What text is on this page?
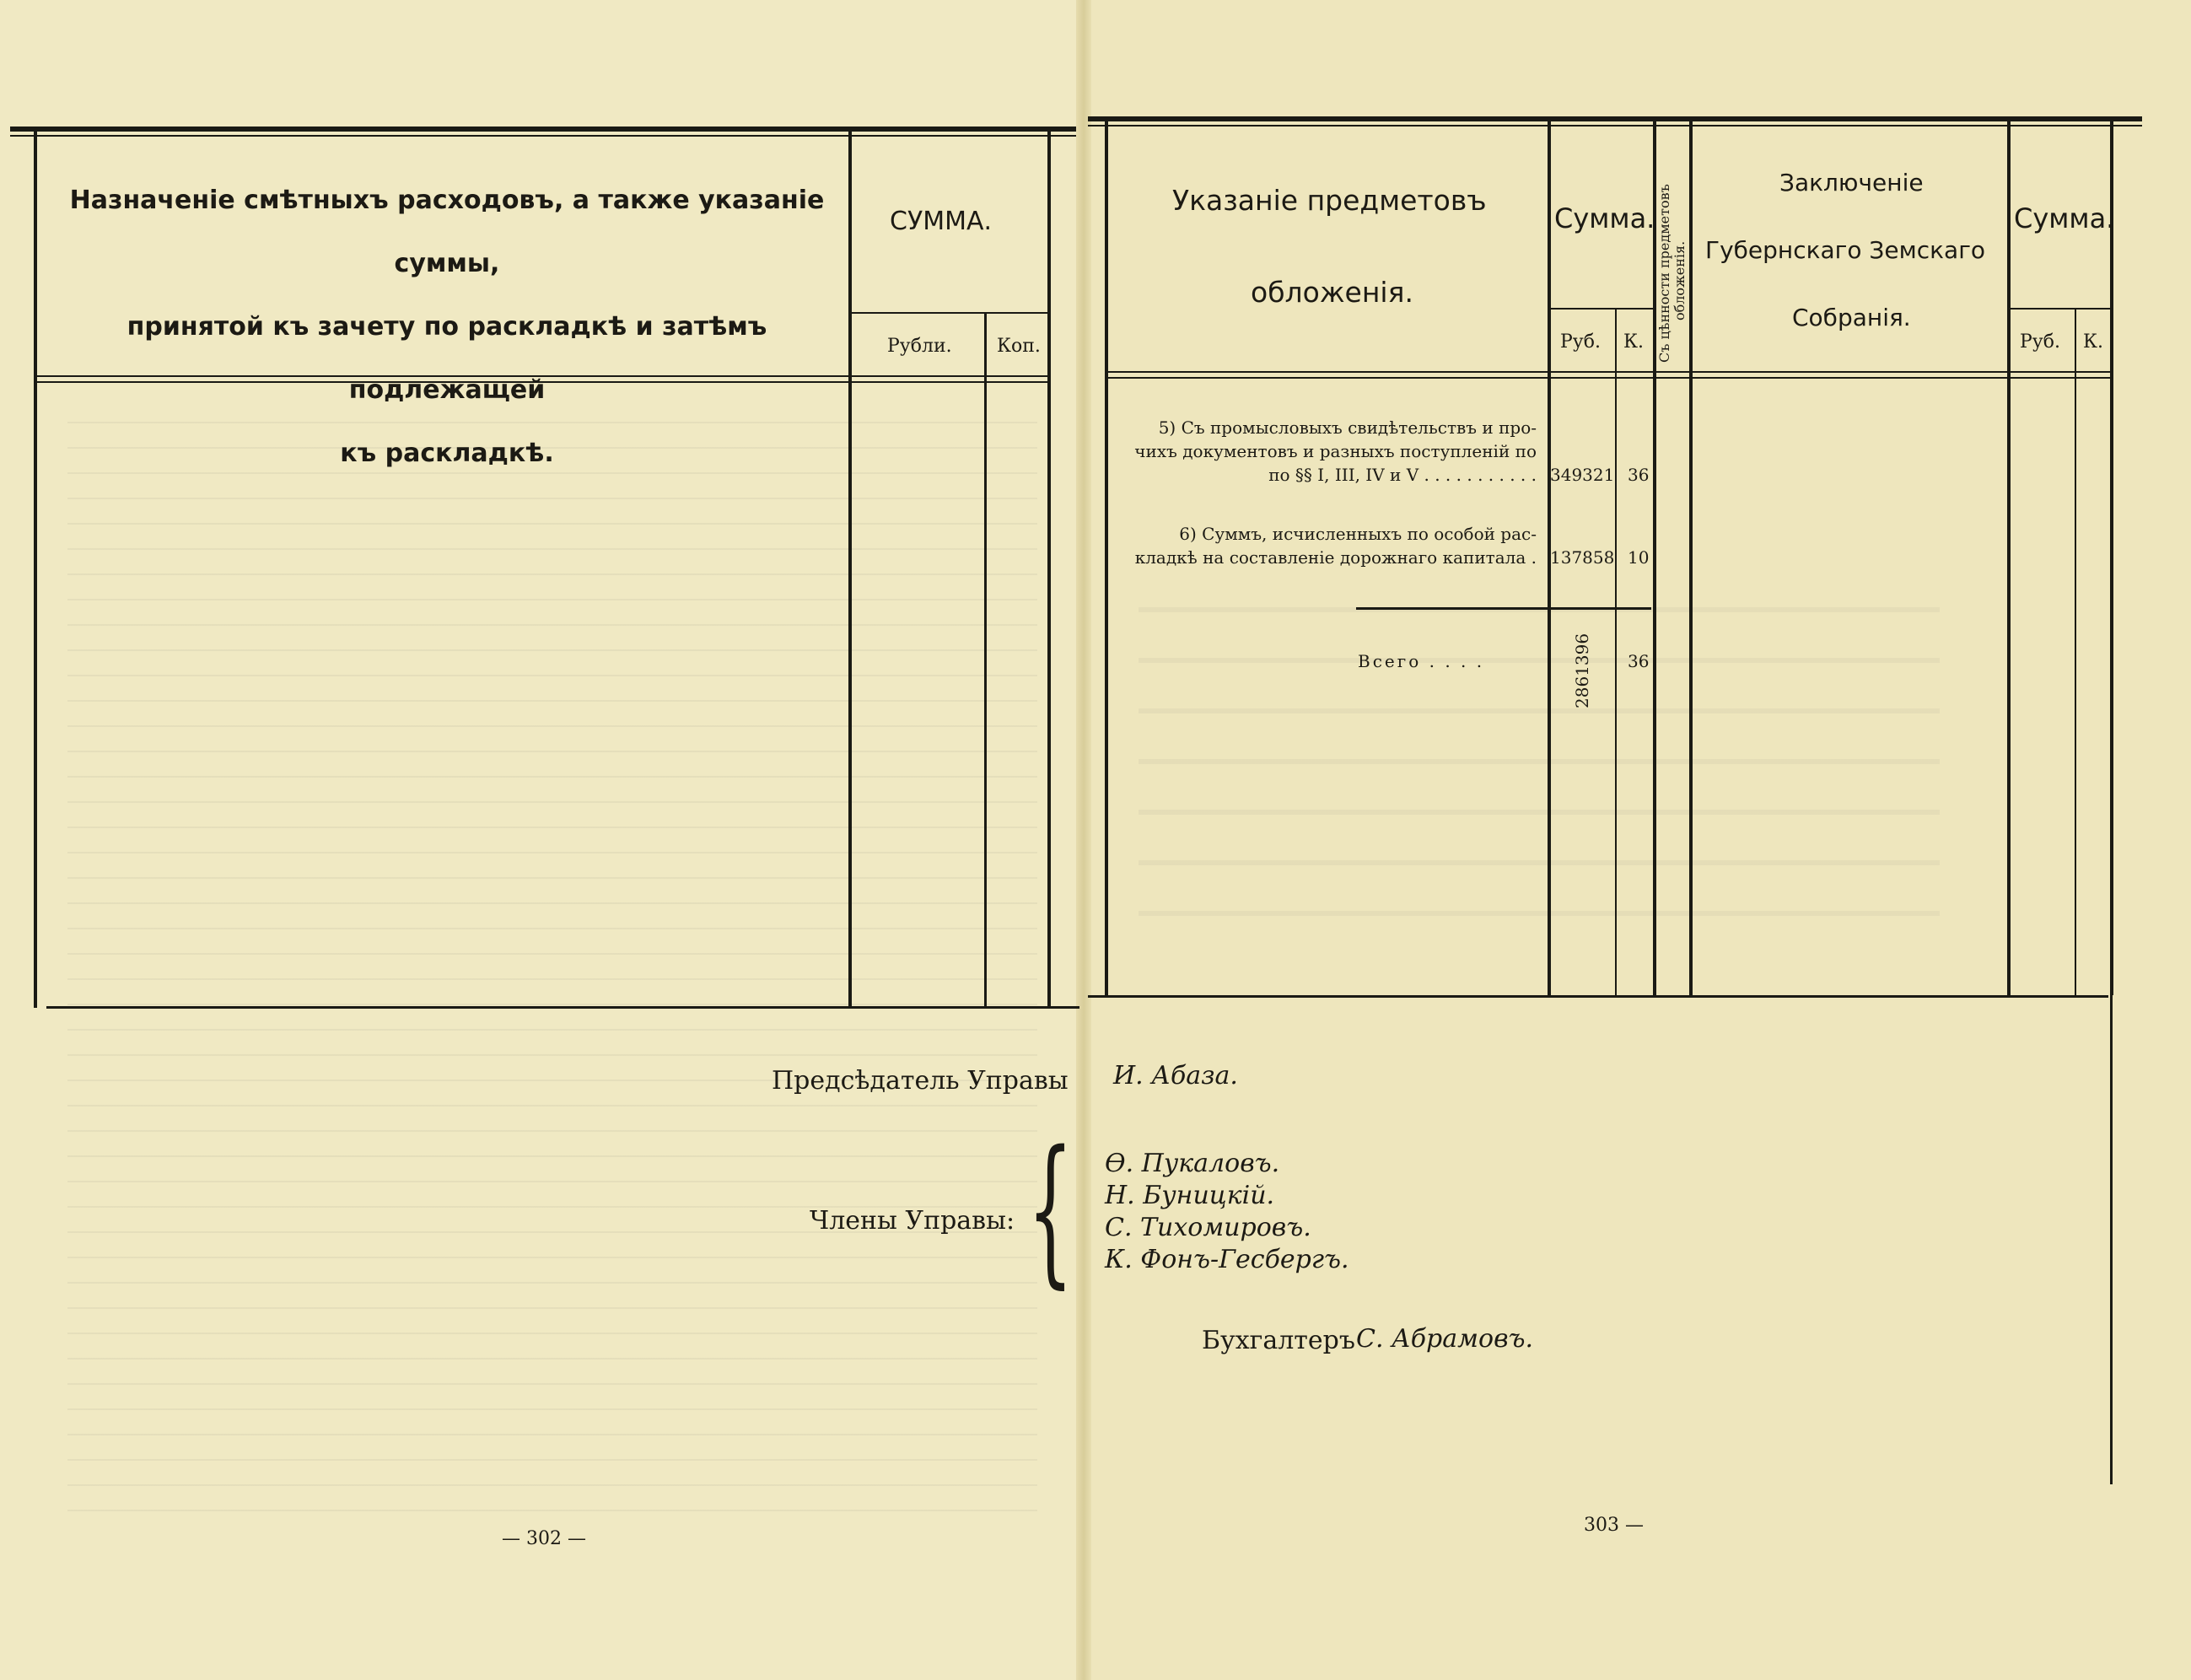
Назначеніе смѣтныхъ расходовъ, а также указаніе суммы,
принятой къ зачету по раскладкѣ и затѣмъ подлежащей
къ раскладкѣ.
СУММА.
Рубли. Коп.
— 302 —
Указаніе предметовъ
обложенія.
Сумма.
Руб. К. Съ цѣнности предметовъ обложенія.
Заключеніе
Губернскаго Земскаго
Собранія.
Сумма.
Руб. К.
5) Съ промысловыхъ свидѣтельствъ и про-
чихъ документовъ и разныхъ поступленій по
по §§ I, III, IV и V . . . . . . . . . . . 349321 36
6) Суммъ, исчисленныхъ по особой рас-
кладкѣ на составленіе дорожнаго капитала . 137858 10
Всего . . . .	2861396 36
303 —
Предсѣдатель Управы И. Абаза.
Члены Управы: { Ѳ. Пукаловъ.
Н. Буницкій.
С. Тихомировъ.
К. Фонъ-Гесбергъ.
Бухгалтеръ С. Абрамовъ.
